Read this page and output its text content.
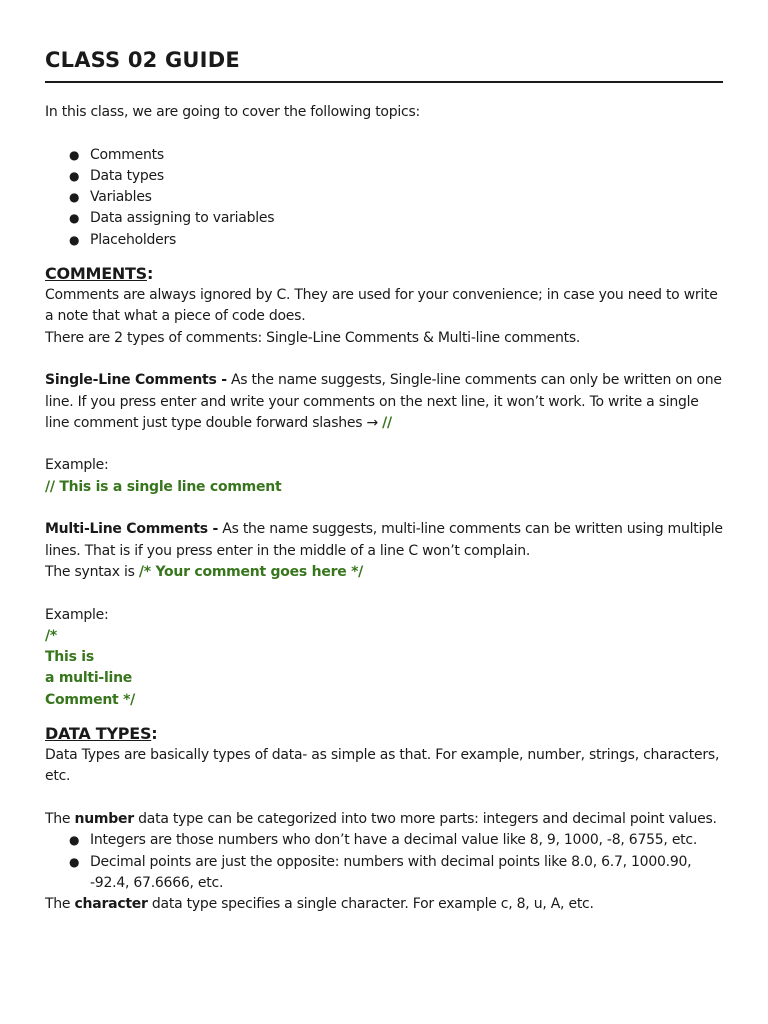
CLASS 02 GUIDE

In this class, we are going to cover the following topics:

● Comments
● Data types
● Variables
● Data assigning to variables
● Placeholders
COMMENTS:

Comments are always ignored by C. They are used for your convenience; in case you need to write a note that what a piece of code does.

There are 2 types of comments: Single-Line Comments & Multi-line comments.

Single-Line Comments - As the name suggests, Single-line comments can only be written on one line. If you press enter and write your comments on the next line, it won’t work. To write a single line comment just type double forward slashes → //

Example:

// This is a single line comment

Multi-Line Comments - As the name suggests, multi-line comments can be written using multiple lines. That is if you press enter in the middle of a line C won’t complain.

The syntax is /* Your comment goes here */

Example:

/*

This is

a multi-line

Comment */

DATA TYPES:

Data Types are basically types of data- as simple as that. For example, number, strings, characters, etc.

The number data type can be categorized into two more parts: integers and decimal point values.

● Integers are those numbers who don’t have a decimal value like 8, 9, 1000, -8, 6755, etc.
● Decimal points are just the opposite: numbers with decimal points like 8.0, 6.7, 1000.90, -92.4, 67.6666, etc.

The character data type specifies a single character. For example c, 8, u, A, etc.
